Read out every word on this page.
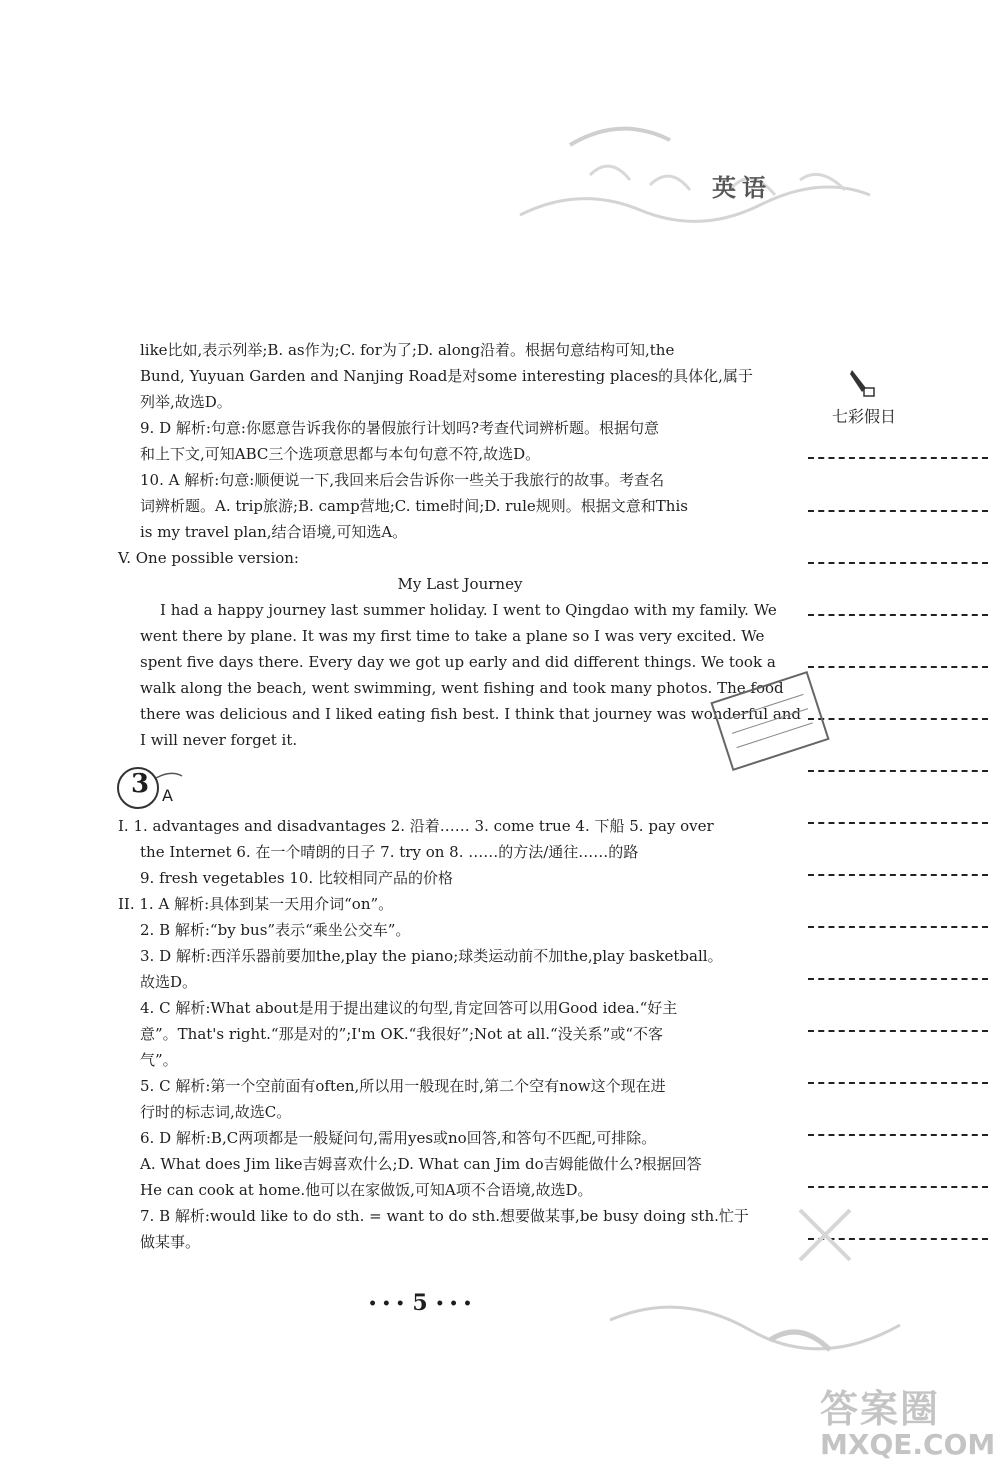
英语
七彩假日
like比如,表示列举;B. as作为;C. for为了;D. along沿着。根据句意结构可知,the
Bund, Yuyuan Garden and Nanjing Road是对some interesting places的具体化,属于
列举,故选D。
9. D 解析:句意:你愿意告诉我你的暑假旅行计划吗?考查代词辨析题。根据句意
和上下文,可知ABC三个选项意思都与本句句意不符,故选D。
10. A 解析:句意:顺便说一下,我回来后会告诉你一些关于我旅行的故事。考查名
词辨析题。A. trip旅游;B. camp营地;C. time时间;D. rule规则。根据文意和This
is my travel plan,结合语境,可知选A。
V. One possible version:
My Last Journey
I had a happy journey last summer holiday. I went to Qingdao with my family. We
went there by plane. It was my first time to take a plane so I was very excited. We
spent five days there. Every day we got up early and did different things. We took a
walk along the beach, went swimming, went fishing and took many photos. The food
there was delicious and I liked eating fish best. I think that journey was wonderful and
I will never forget it.
3 A
I. 1. advantages and disadvantages 2. 沿着…… 3. come true 4. 下船 5. pay over
the Internet 6. 在一个晴朗的日子 7. try on 8. ……的方法/通往……的路
9. fresh vegetables 10. 比较相同产品的价格
II. 1. A 解析:具体到某一天用介词“on”。
2. B 解析:“by bus”表示“乘坐公交车”。
3. D 解析:西洋乐器前要加the,play the piano;球类运动前不加the,play basketball。
故选D。
4. C 解析:What about是用于提出建议的句型,肯定回答可以用Good idea.“好主
意”。That's right.“那是对的”;I'm OK.“我很好”;Not at all.“没关系”或“不客
气”。
5. C 解析:第一个空前面有often,所以用一般现在时,第二个空有now这个现在进
行时的标志词,故选C。
6. D 解析:B,C两项都是一般疑问句,需用yes或no回答,和答句不匹配,可排除。
A. What does Jim like吉姆喜欢什么;D. What can Jim do吉姆能做什么?根据回答
He can cook at home.他可以在家做饭,可知A项不合语境,故选D。
7. B 解析:would like to do sth. = want to do sth.想要做某事,be busy doing sth.忙于
做某事。
• • • 5 • • •
答案圈
MXQE.COM
